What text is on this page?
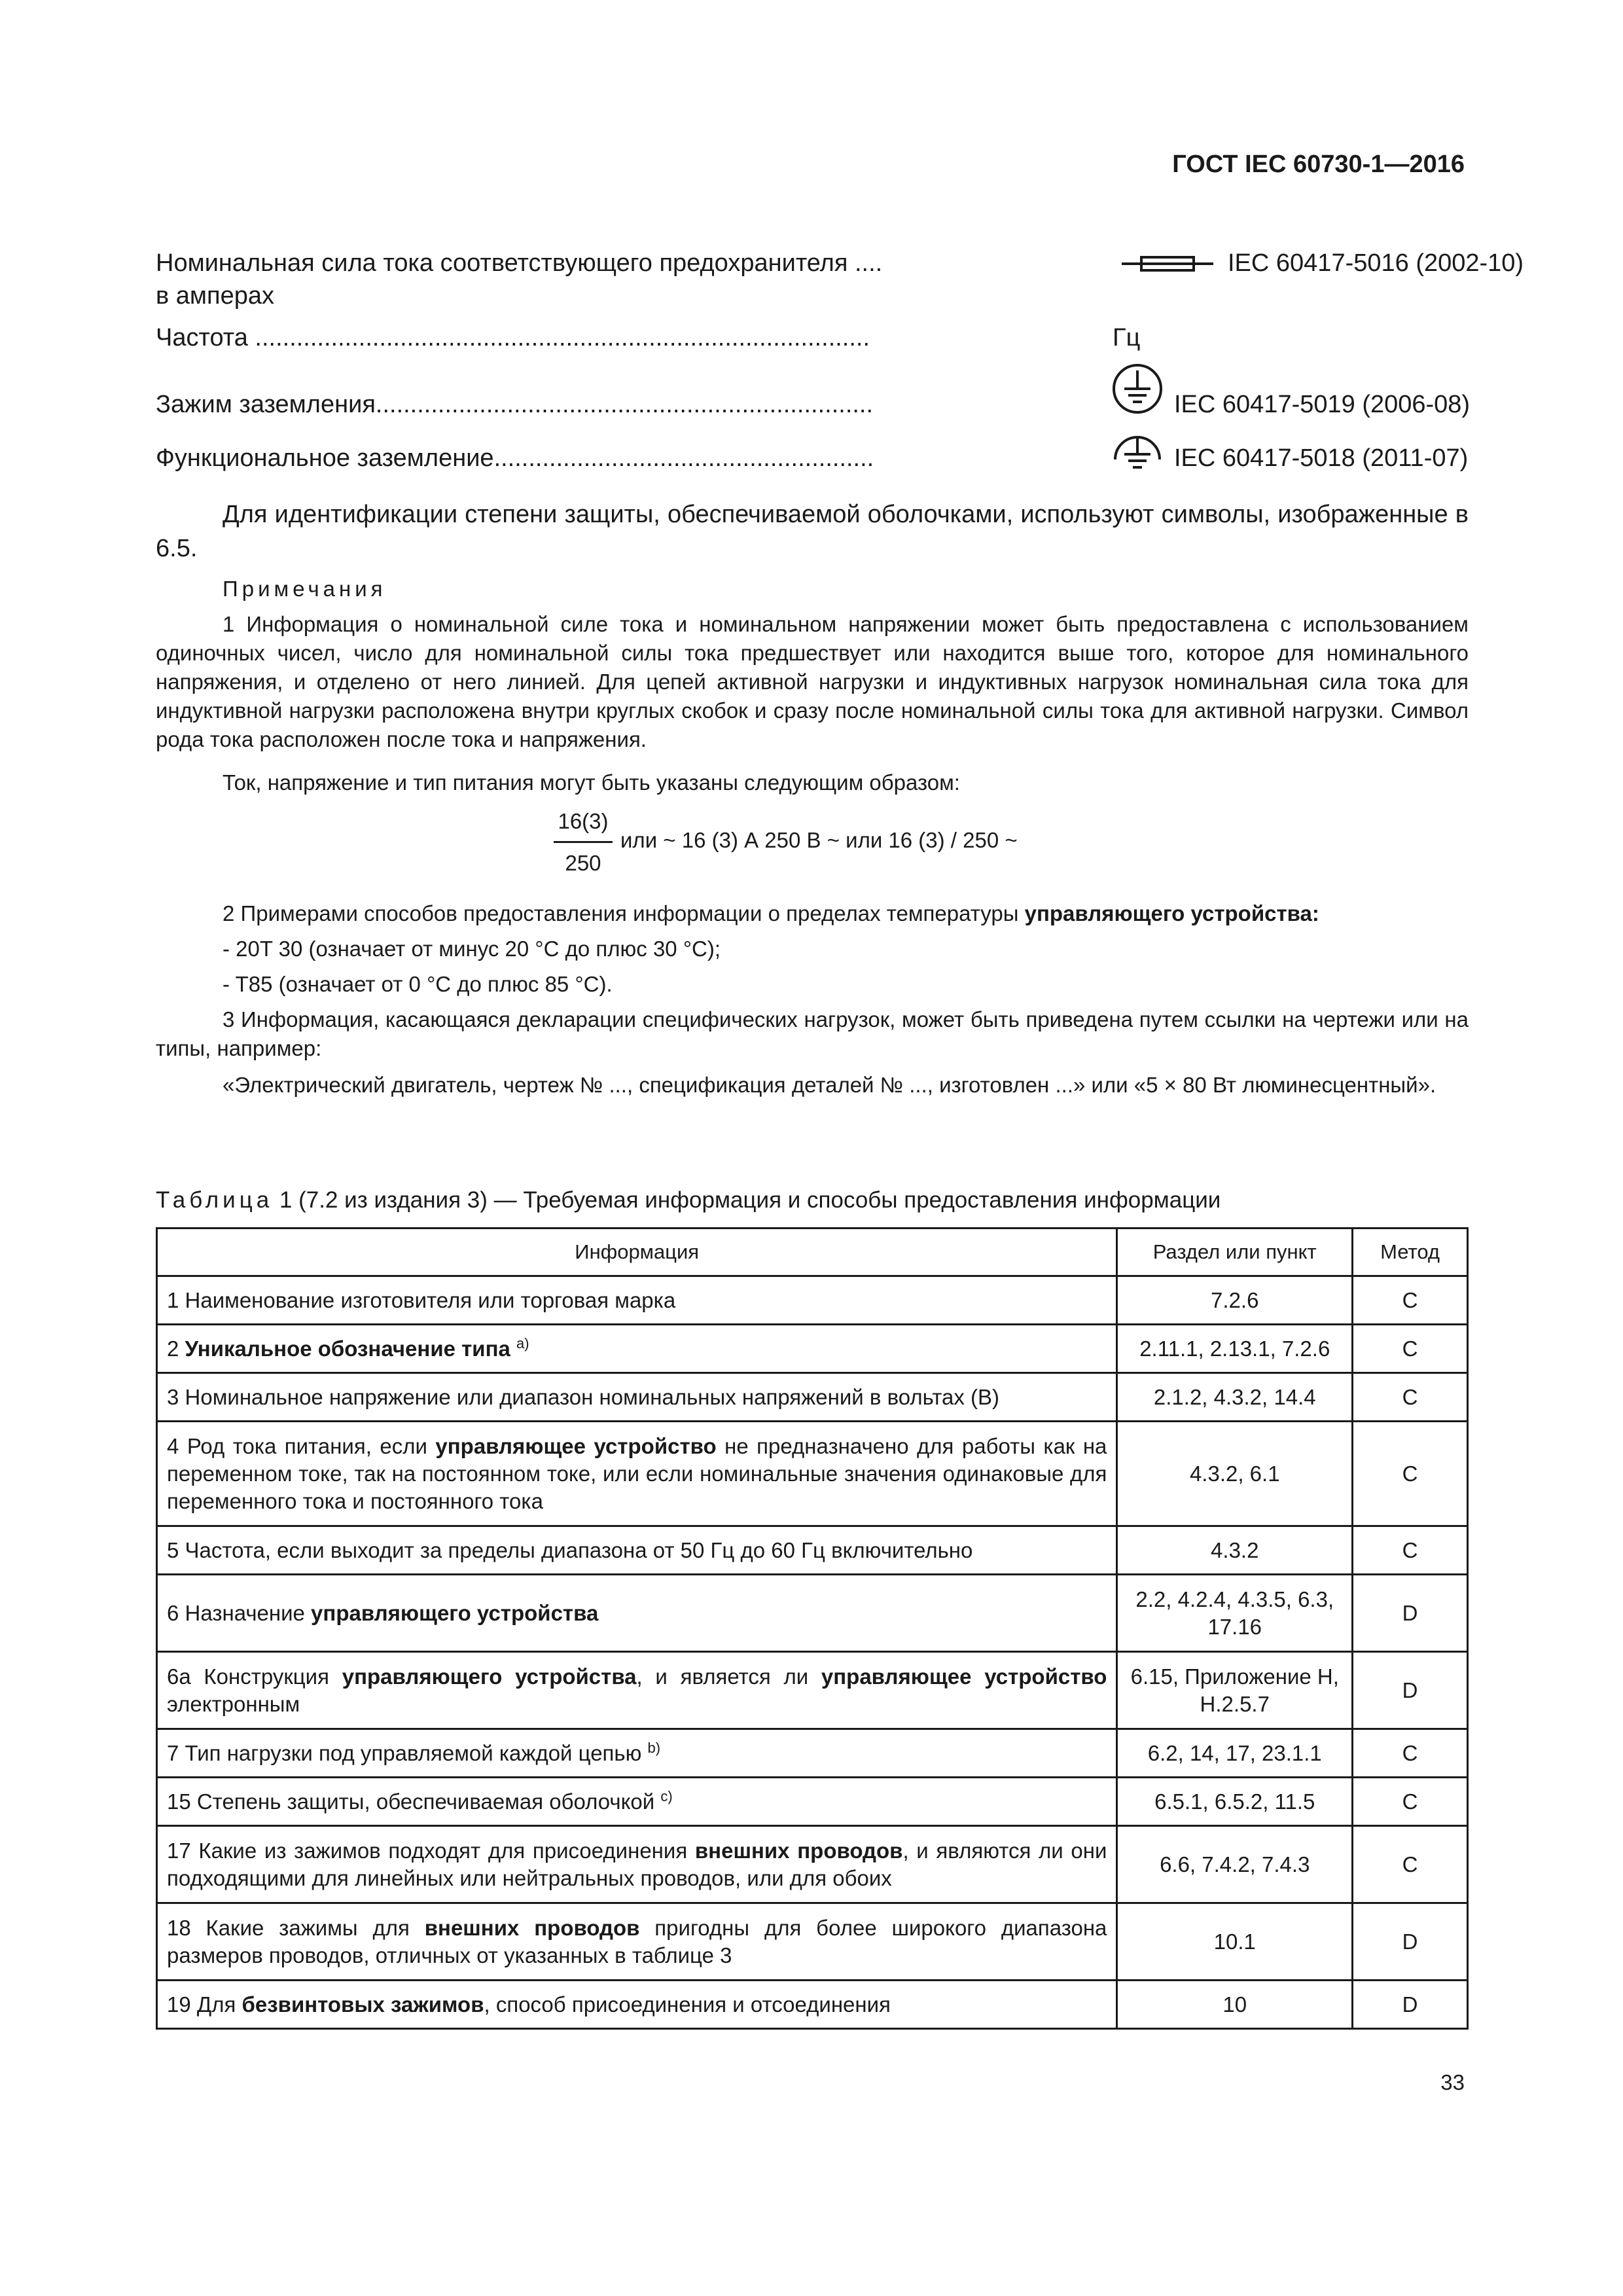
ГОСТ IEC 60730-1—2016
Номинальная сила тока соответствующего предохранителя ....
в амперах
IEC 60417-5016 (2002-10)
Частота .........................................................................................	Гц
Зажим заземления........................................................................	IEC 60417-5019 (2006-08)
Функциональное заземление.......................................................	IEC 60417-5018 (2011-07)
Для идентификации степени защиты, обеспечиваемой оболочками, используют символы, изображенные в 6.5.
Примечания
1 Информация о номинальной силе тока и номинальном напряжении может быть предоставлена с использованием одиночных чисел, число для номинальной силы тока предшествует или находится выше того, которое для номинального напряжения, и отделено от него линией. Для цепей активной нагрузки и индуктивных нагрузок номинальная сила тока для индуктивной нагрузки расположена внутри круглых скобок и сразу после номинальной силы тока для активной нагрузки. Символ рода тока расположен после тока и напряжения.
Ток, напряжение и тип питания могут быть указаны следующим образом:
16(3)
250
или ~ 16 (3) А 250 В ~ или 16 (3) / 250 ~
2 Примерами способов предоставления информации о пределах температуры управляющего устройства:
- 20T 30 (означает от минус 20 °С до плюс 30 °С);
- T85 (означает от 0 °С до плюс 85 °С).
3 Информация, касающаяся декларации специфических нагрузок, может быть приведена путем ссылки на чертежи или на типы, например:
«Электрический двигатель, чертеж № ..., спецификация деталей № ..., изготовлен ...» или «5 × 80 Вт люминесцентный».
Таблица 1 (7.2 из издания 3) — Требуемая информация и способы предоставления информации
Информация	Раздел или пункт	Метод
1 Наименование изготовителя или торговая марка	7.2.6	С
2 Уникальное обозначение типа $^{a)}$	2.11.1, 2.13.1, 7.2.6	С
3 Номинальное напряжение или диапазон номинальных напряжений в вольтах (В)	2.1.2, 4.3.2, 14.4	С
4 Род тока питания, если управляющее устройство не предназначено для работы как на переменном токе, так на постоянном токе, или если номинальные значения одинаковые для переменного тока и постоянного тока	4.3.2, 6.1	С
5 Частота, если выходит за пределы диапазона от 50 Гц до 60 Гц включительно	4.3.2	С
6 Назначение управляющего устройства	2.2, 4.2.4, 4.3.5, 6.3, 17.16	D
6а Конструкция управляющего устройства, и является ли управляющее устройство электронным	6.15, Приложение Н, Н.2.5.7	D
7 Тип нагрузки под управляемой каждой цепью $^{b)}$	6.2, 14, 17, 23.1.1	С
15 Степень защиты, обеспечиваемая оболочкой $^{c)}$	6.5.1, 6.5.2, 11.5	С
17 Какие из зажимов подходят для присоединения внешних проводов, и являются ли они подходящими для линейных или нейтральных проводов, или для обоих	6.6, 7.4.2, 7.4.3	С
18 Какие зажимы для внешних проводов пригодны для более широкого диапазона размеров проводов, отличных от указанных в таблице 3	10.1	D
19 Для безвинтовых зажимов, способ присоединения и отсоединения	10	D
33
